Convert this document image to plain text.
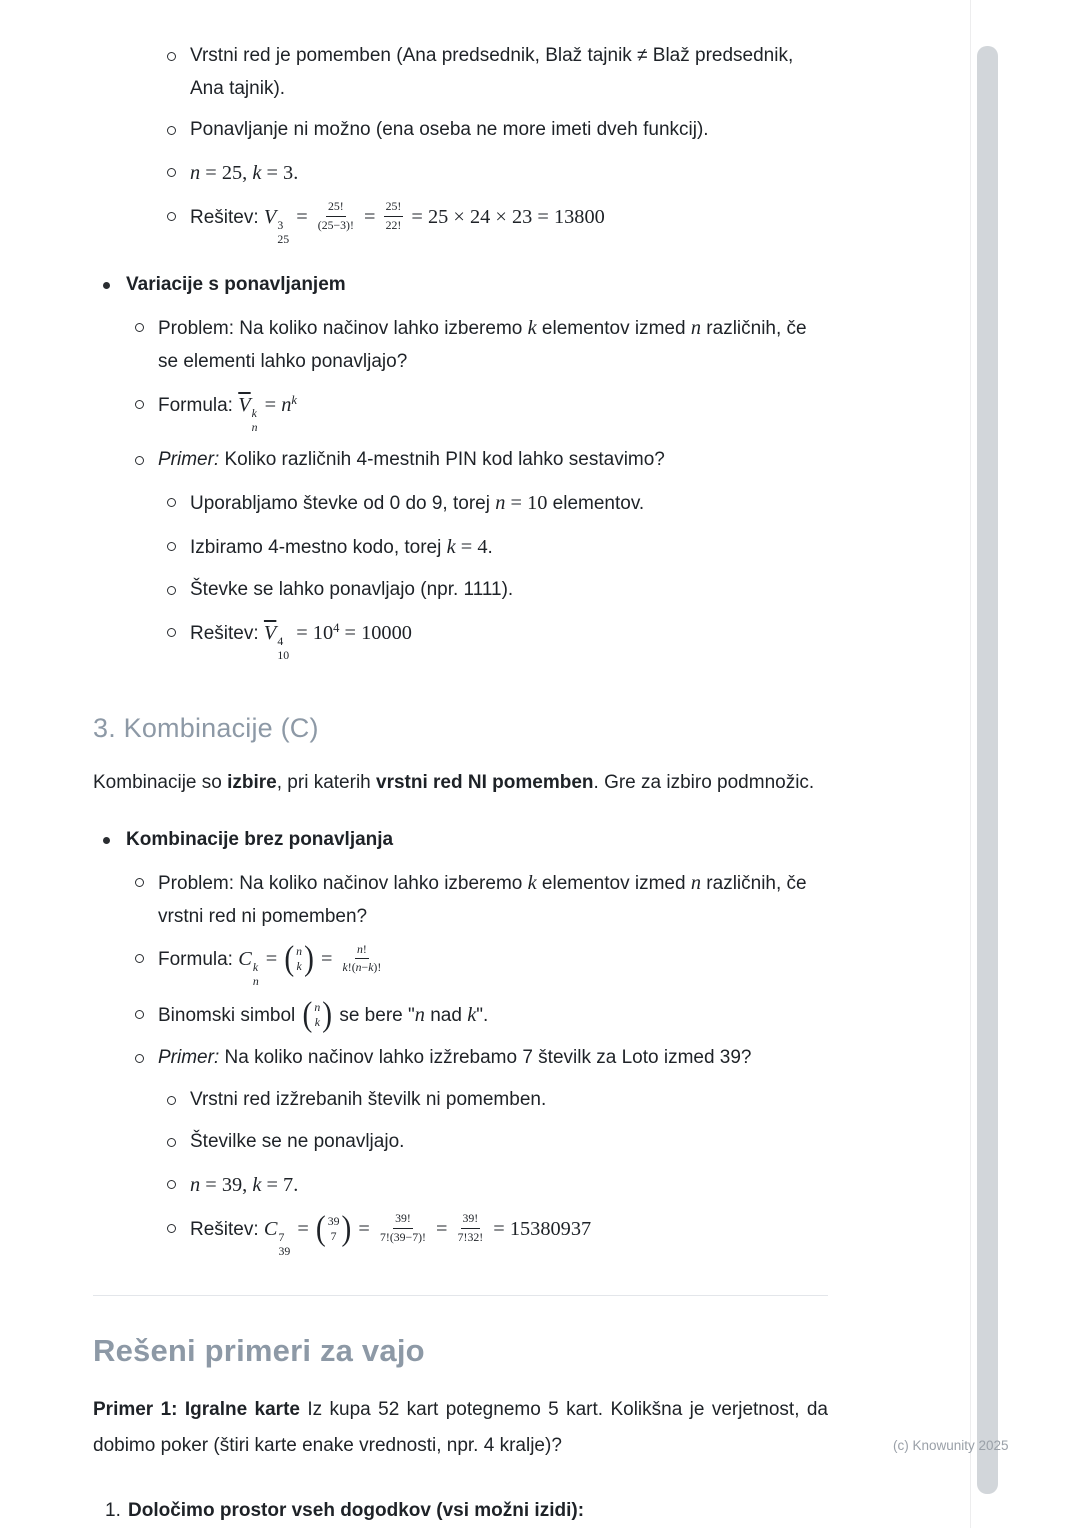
Vrstni red je pomemben (Ana predsednik, Blaž tajnik ≠ Blaž predsednik, Ana tajnik).
Ponavljanje ni možno (ena oseba ne more imeti dveh funkcij).
n = 25, k = 3.
Rešitev: V 3
25
= $\frac{25!}{(25-3)!} = \frac{25!}{22!} = 25 \times 24 \times 23 = 13800$
Variacije s ponavljanjem
Problem: Na koliko načinov lahko izberemo k elementov izmed n različnih, če se elementi lahko ponavljajo?
Formula: $\overline{V}$ k
n
= $n^k$
Primer: Koliko različnih 4-mestnih PIN kod lahko sestavimo?
Uporabljamo števke od 0 do 9, torej n = 10 elementov.
Izbiramo 4-mestno kodo, torej k = 4.
Števke se lahko ponavljajo (npr. 1111).
Rešitev: $\overline{V}$ 4
10
= $10^4 = 10000$
3. Kombinacije (C)

Kombinacije so izbire, pri katerih vrstni red NI pomemben. Gre za izbiro podmnožic.

Kombinacije brez ponavljanja
Problem: Na koliko načinov lahko izberemo k elementov izmed n različnih, če vrstni red ni pomemben?
Formula: C k
n
= ( n
k ) = $\frac{n!}{k!(n-k)!}$
Binomski simbol ( n
k ) se bere "n nad k".
Primer: Na koliko načinov lahko izžrebamo 7 številk za Loto izmed 39?
Vrstni red izžrebanih številk ni pomemben.
Številke se ne ponavljajo.
n = 39, k = 7.
Rešitev: C 7
39
= ( 39
7 ) = $\frac{39!}{7!(39-7)!} = \frac{39!}{7!32!} = 15380937$
Rešeni primeri za vajo

Primer 1: Igralne karte Iz kupa 52 kart potegnemo 5 kart. Kolikšna je verjetnost, da dobimo poker (štiri karte enake vrednosti, npr. 4 kralje)?

1. Določimo prostor vseh dogodkov (vsi možni izidi):
(c) Knowunity 2025
